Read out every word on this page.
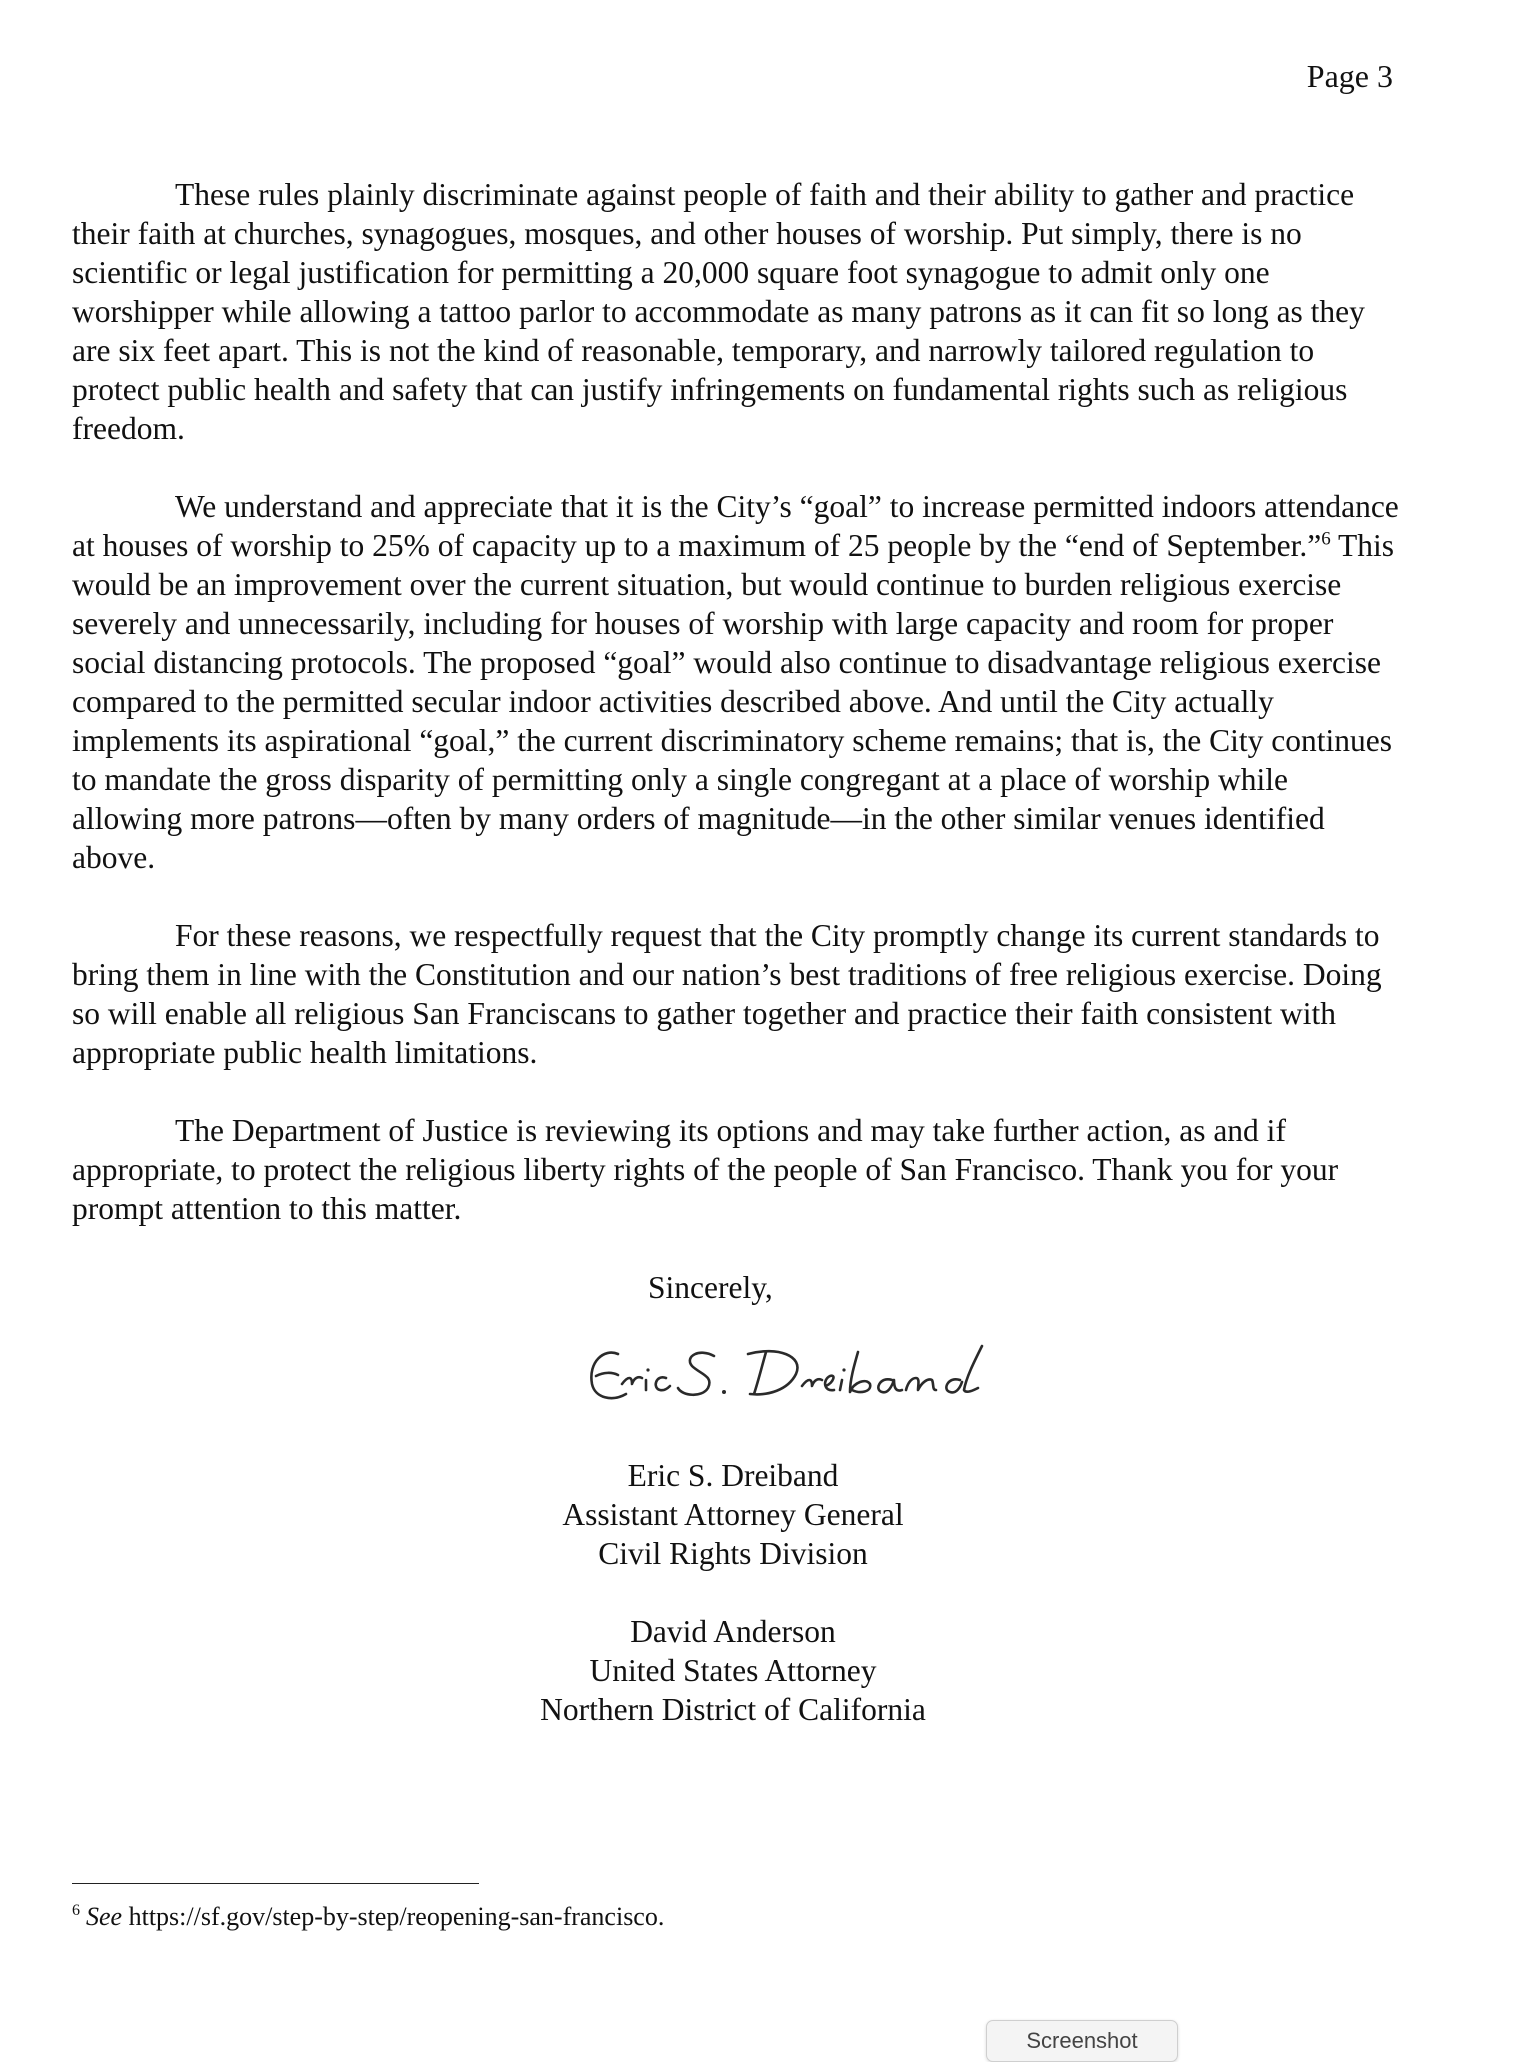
Page 3

These rules plainly discriminate against people of faith and their ability to gather and practice their faith at churches, synagogues, mosques, and other houses of worship. Put simply, there is no scientific or legal justification for permitting a 20,000 square foot synagogue to admit only one worshipper while allowing a tattoo parlor to accommodate as many patrons as it can fit so long as they are six feet apart. This is not the kind of reasonable, temporary, and narrowly tailored regulation to protect public health and safety that can justify infringements on fundamental rights such as religious freedom.

We understand and appreciate that it is the City’s “goal” to increase permitted indoors attendance at houses of worship to 25% of capacity up to a maximum of 25 people by the “end of September.”$^6$ This would be an improvement over the current situation, but would continue to burden religious exercise severely and unnecessarily, including for houses of worship with large capacity and room for proper social distancing protocols. The proposed “goal” would also continue to disadvantage religious exercise compared to the permitted secular indoor activities described above. And until the City actually implements its aspirational “goal,” the current discriminatory scheme remains; that is, the City continues to mandate the gross disparity of permitting only a single congregant at a place of worship while allowing more patrons—often by many orders of magnitude—in the other similar venues identified above.

For these reasons, we respectfully request that the City promptly change its current standards to bring them in line with the Constitution and our nation’s best traditions of free religious exercise. Doing so will enable all religious San Franciscans to gather together and practice their faith consistent with appropriate public health limitations.

The Department of Justice is reviewing its options and may take further action, as and if appropriate, to protect the religious liberty rights of the people of San Francisco. Thank you for your prompt attention to this matter.

Sincerely,
Eric S. Dreiband
Assistant Attorney General
Civil Rights Division
David Anderson
United States Attorney
Northern District of California
$^6$ See https://sf.gov/step-by-step/reopening-san-francisco.
Screenshot
